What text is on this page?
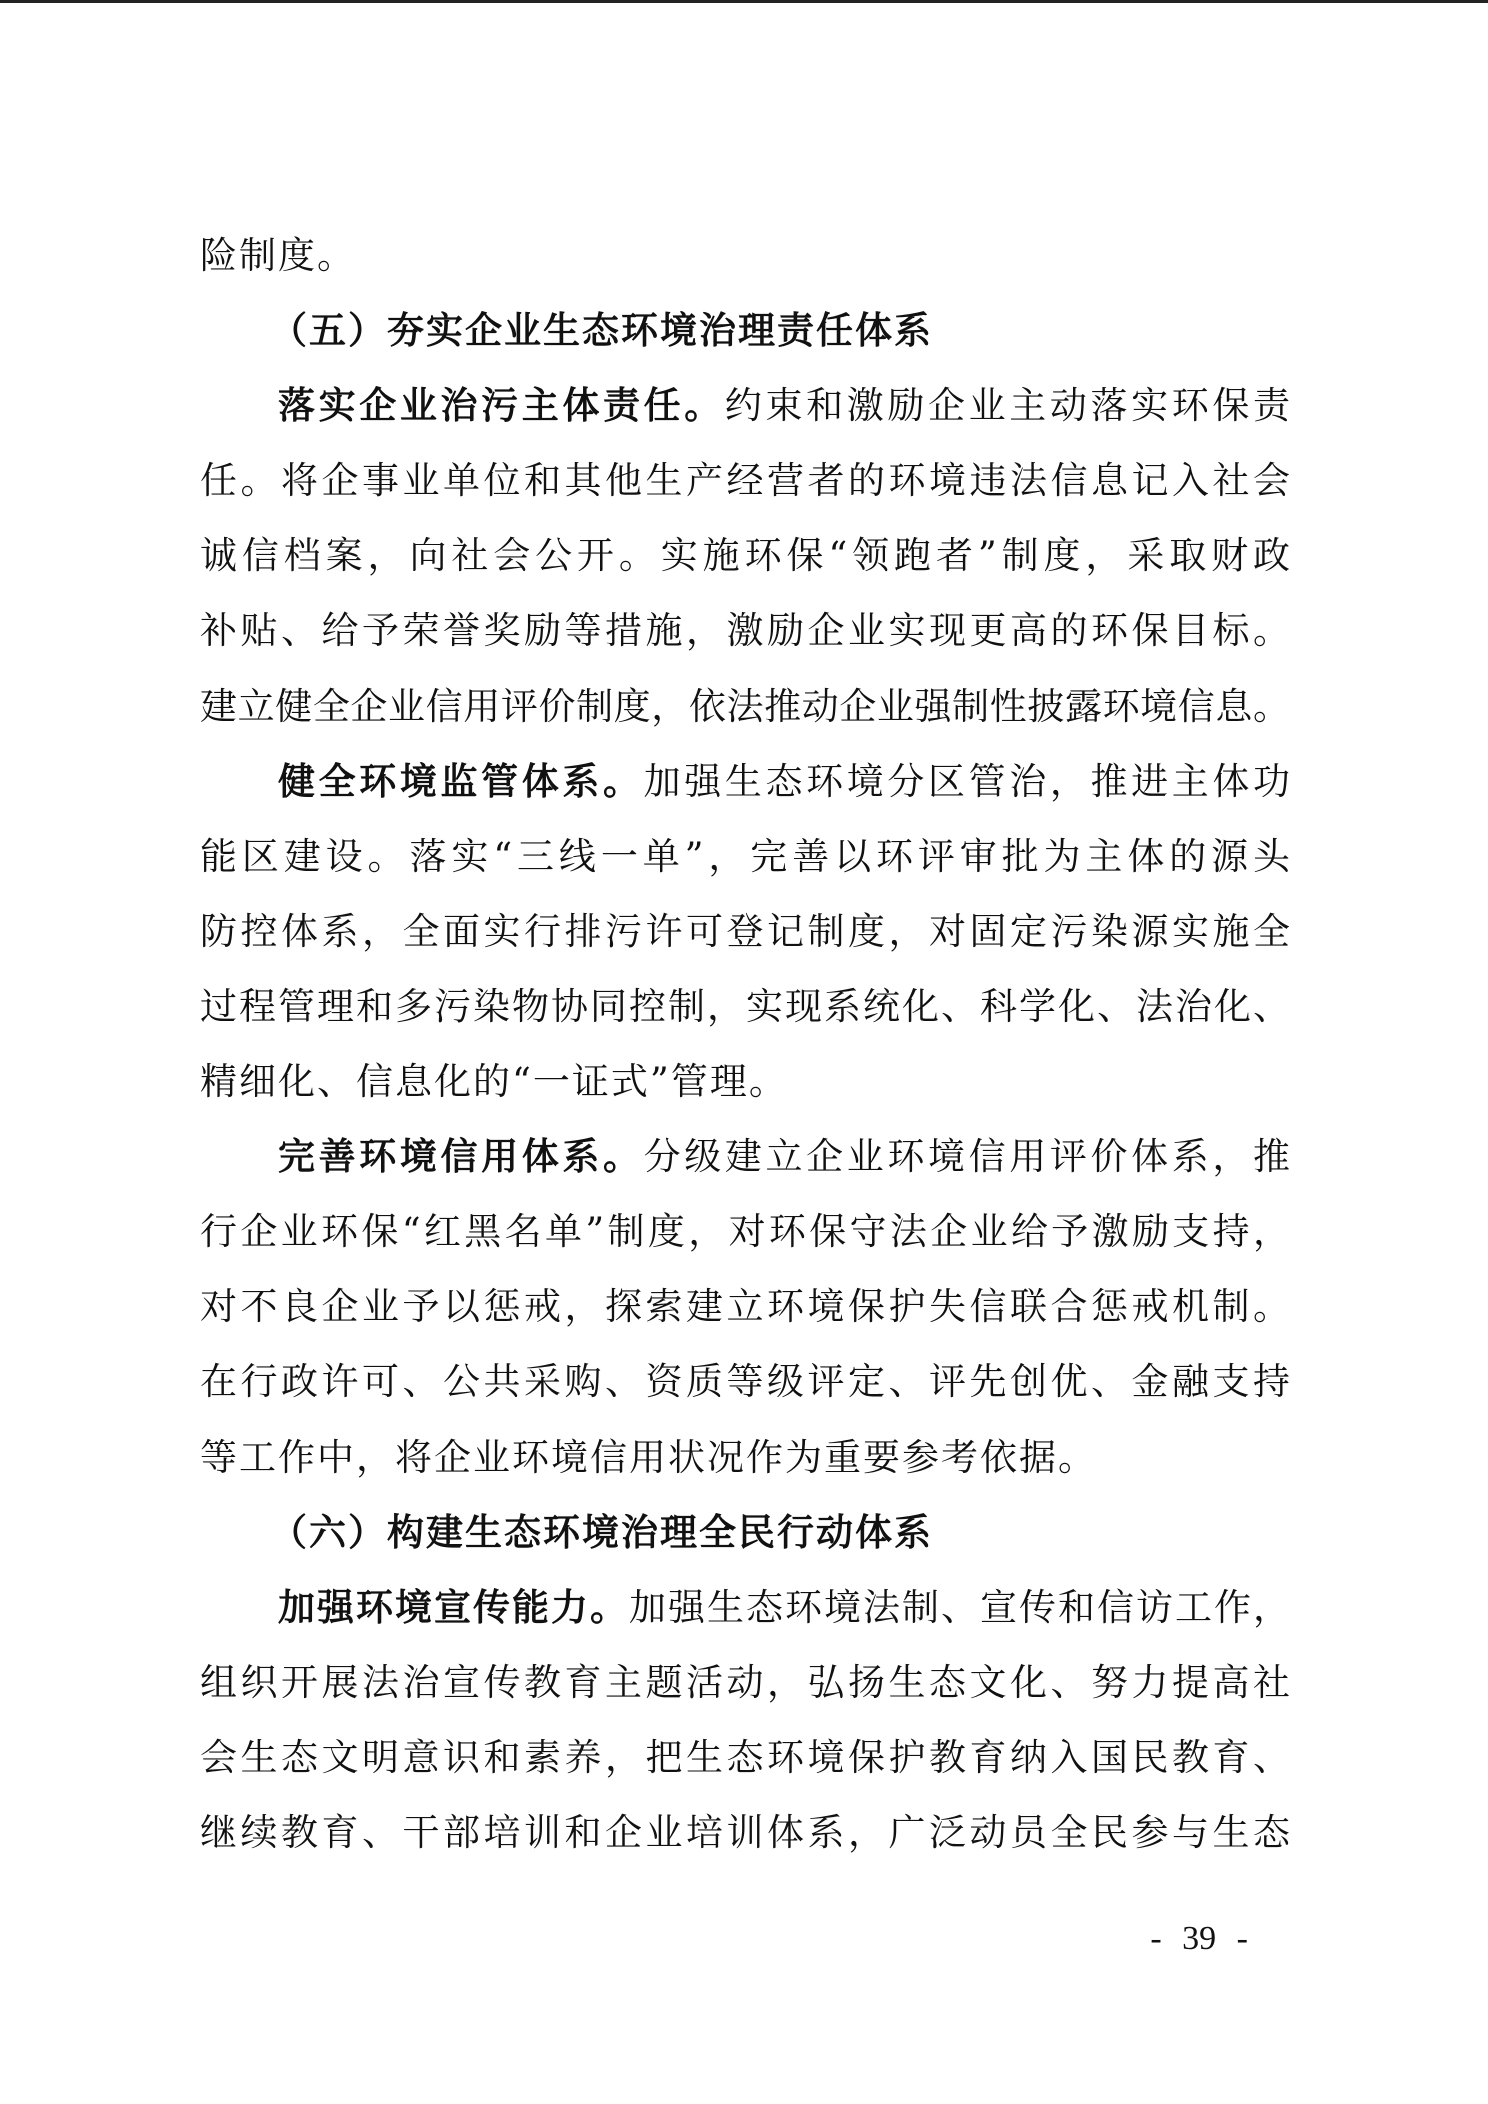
险制度。
（五）夯实企业生态环境治理责任体系
落实企业治污主体责任。约束和激励企业主动落实环保责
任。将企事业单位和其他生产经营者的环境违法信息记入社会
诚信档案，向社会公开。实施环保“领跑者”制度，采取财政
补贴、给予荣誉奖励等措施，激励企业实现更高的环保目标。
建立健全企业信用评价制度，依法推动企业强制性披露环境信息。
健全环境监管体系。加强生态环境分区管治，推进主体功
能区建设。落实“三线一单”，完善以环评审批为主体的源头
防控体系，全面实行排污许可登记制度，对固定污染源实施全
过程管理和多污染物协同控制，实现系统化、科学化、法治化、
精细化、信息化的“一证式”管理。
完善环境信用体系。分级建立企业环境信用评价体系，推
行企业环保“红黑名单”制度，对环保守法企业给予激励支持，
对不良企业予以惩戒，探索建立环境保护失信联合惩戒机制。
在行政许可、公共采购、资质等级评定、评先创优、金融支持
等工作中，将企业环境信用状况作为重要参考依据。
（六）构建生态环境治理全民行动体系
加强环境宣传能力。加强生态环境法制、宣传和信访工作，
组织开展法治宣传教育主题活动，弘扬生态文化、努力提高社
会生态文明意识和素养，把生态环境保护教育纳入国民教育、
继续教育、干部培训和企业培训体系，广泛动员全民参与生态
- 39 -
